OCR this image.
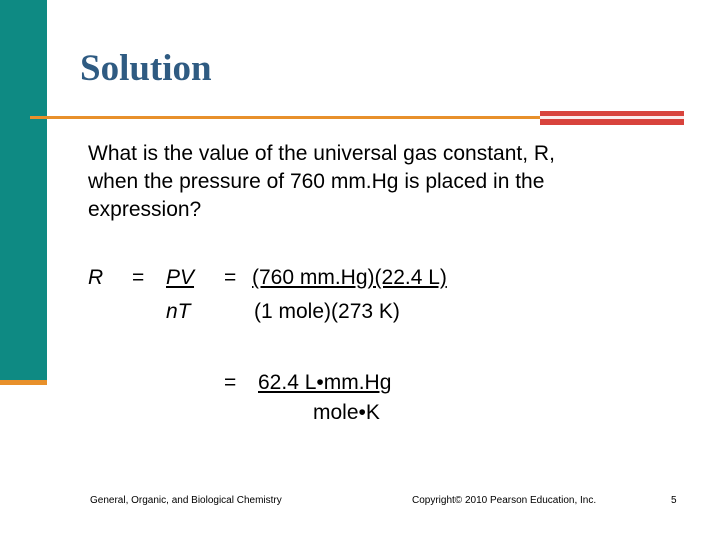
Solution

What is the value of the universal gas constant, R,

when the pressure of 760 mm.Hg is placed in the

expression?

R = PV
nT
= (760 mm.Hg)(22.4 L)
(1 mole)(273 K)
= 62.4 L•mm.Hg
mole•K
General, Organic, and Biological Chemistry	Copyright© 2010 Pearson Education, Inc.	5
